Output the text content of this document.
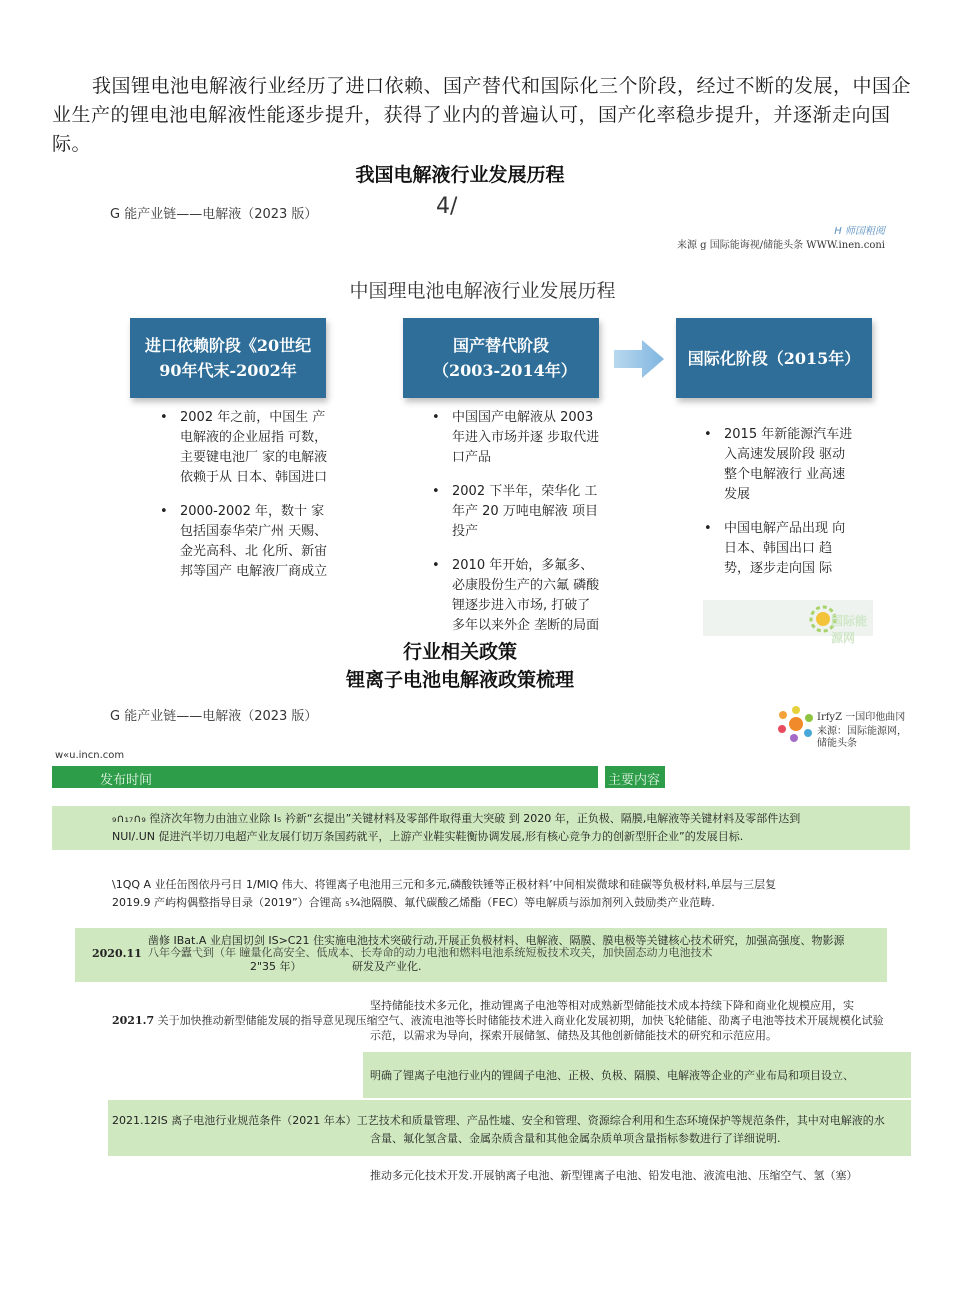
我国锂电池电解液行业经历了进口依赖、国产替代和国际化三个阶段，经过不断的发展，中国企业生产的锂电池电解液性能逐步提升，获得了业内的普遍认可，国产化率稳步提升，并逐渐走向国际。
我国电解液行业发展历程
G 能产业链——电解液（2023 版）	4/
H 师国粗阅
来源 g 国际能诲视/储能头条 WWW.inen.coni
中国理电池电解液行业发展历程
进口依赖阶段《20世纪90年代末-2002年
国产替代阶段（2003-2014年）
国际化阶段（2015年）
• 2002 年之前，中国生 产电解液的企业屈指 可数，主要键电池厂 家的电解液依赖于从 日本、韩国进口
• 2000-2002 年，数十 家包括国泰华荣广州 天赐、金光高科、北 化所、新宙邦等国产 电解液厂商成立
• 中国国产电解液从 2003年进入市场并逐 步取代进口产品
• 2002 下半年，荣华化 工年产 20 万吨电解液 项目投产
• 2010 年开始，多氟多、必康股份生产的六氟 磷酸锂逐步进入市场, 打破了多年以来外企 垄断的局面
• 2015 年新能源汽车进入高速发展阶段 驱动整个电解液行 业高速发展
• 中国电解产品出现 向日本、韩国出口 趋势，逐步走向国 际
国际能源网
行业相关政策
锂离子电池电解液政策梳理
G 能产业链——电解液（2023 版）	IrfyZ 一国印他曲冈
来源：国际能源网，储能头条
w«u.incn.com
发布时间	主要内容
₉∩₁₇∩₉ 徨济次年物力由油立业除 I₅ 衿新“玄提出”关键材料及零部件取得重大突破 到 2020 年，正负极、隔膜,电解液等关键材料及零部件达到
NUI/.UN 促进汽半切刀电超产业友展仃切万条国药就平，上游产业鞋实鞋衡协调发展,形有核心竞争力的创新型肝企业”的发展目标.
\1QQ A 业任缶图依丹弓日 1/MIQ 伟大、将锂离子电池用三元和多元,磷酸铁锤等正极材料’中间相炭微球和硅碳等负极材料,单层与三层复
2019.9 产屿构偶整指导目录（2019”）合锂高 ₅¾池隔膜、氟代碳酸乙烯酯（FEC）等电解质与添加剂列入鼓励类产业范畴.
凿修 IBat.A 业启国切剑 IS>C21 住实施电池技术突破行动,开展正负极材料、电解液、隔膜、膜电极等关键核心技术研究，加强高强度、物影源
2020.11 八年今蠹弋到（年 瞳量化高安全、低成本、长寿命的动力电池和燃料电池系统短板技术攻关，加快固态动力电池技术
2"35 年）	研发及产业化.
坚持储能技术多元化，推动锂离子电池等相对成熟新型储能技术成本持续下降和商业化规模应用，实
2021.7 关于加快推动新型储能发展的指导意见现压缩空气、液流电池等长时储能技术进入商业化发展初期，加快飞轮储能、劭离子电池等技术开展规模化试验
示范，以需求为导向，探索开展储氢、储热及其他创新储能技术的研究和示范应用。
明确了锂离子电池行业内的锂阔子电池、正极、负极、隔膜、电解液等企业的产业布局和项目设立、
2021.12IS 离子电池行业规范条件（2021 年本）工艺技术和质量管理、产品性墟、安全和管理、资源综合利用和生态环境保护等规范条件，其中对电解液的水
含量、氟化氢含量、金属杂质含量和其他金属杂质单项含量指标参数进行了详细说明.
推动多元化技术开发.开展钠离子电池、新型锂离子电池、铅发电池、液流电池、压缩空气、氢（塞）
